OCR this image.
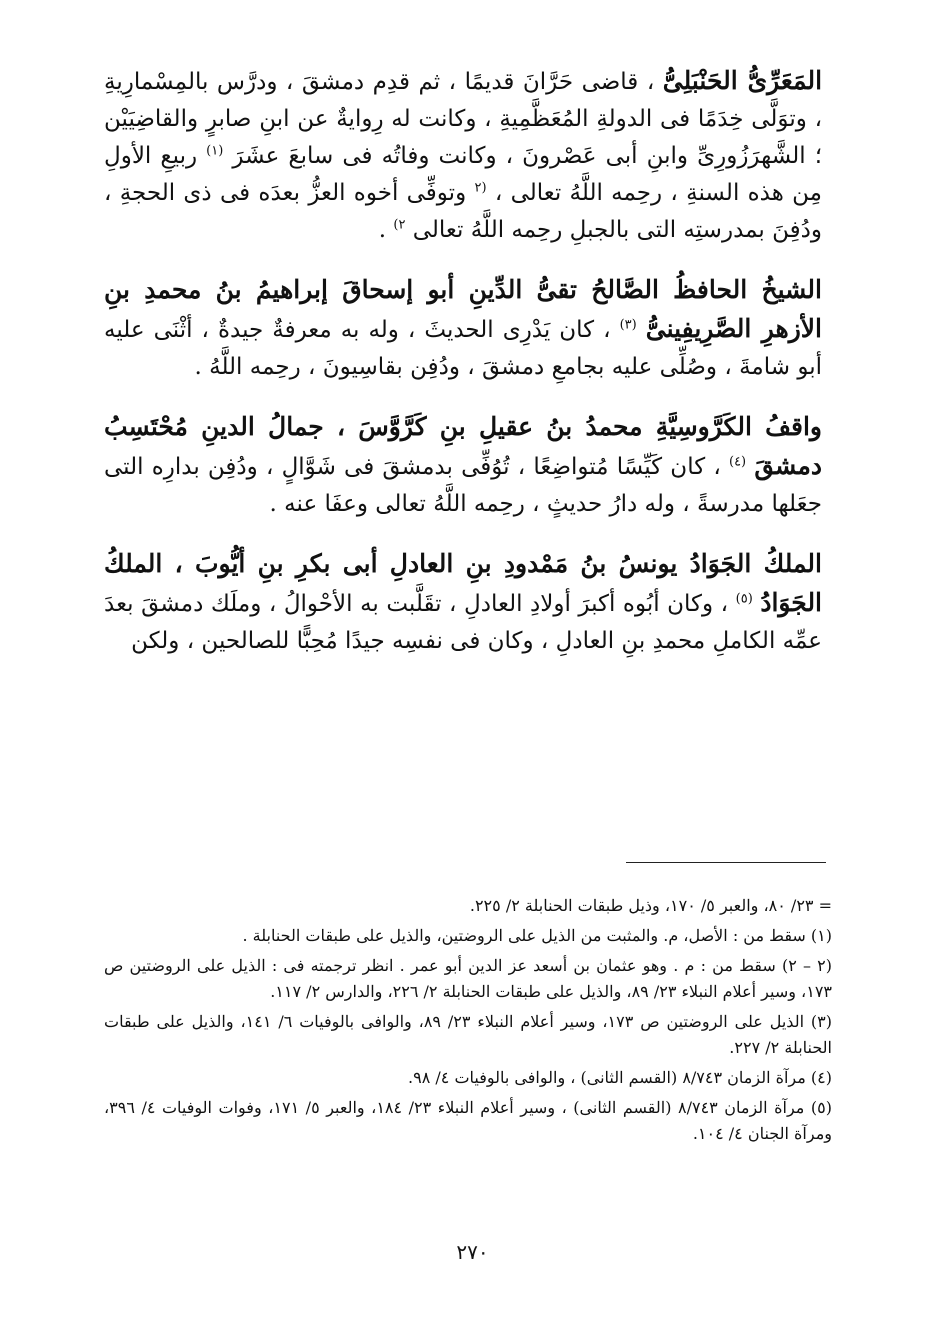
المَعَرِّىُّ الحَنْبَلِىُّ ، قاضى حَرَّانَ قديمًا ، ثم قدِم دمشقَ ، ودرَّس بالمِسْمارِيةِ ، وتوَلَّى خِدَمًا فى الدولةِ المُعَظَّمِيةِ ، وكانت له رِوايةٌ عن ابنِ صابرٍ والقاضِيَيْن ؛ الشَّهرَزُورِىِّ وابنِ أبى عَصْرونَ ، وكانت وفاتُه فى سابعَ عشَرَ $^{(١)}$ ربيعِ الأولِ مِن هذه السنةِ ، رحِمه اللَّهُ تعالى ، $^{(٢}$ وتوفِّى أخوه العزُّ بعدَه فى ذى الحجةِ ، ودُفِنَ بمدرستِه التى بالجبلِ رحِمه اللَّهُ تعالى $^{٢)}$ .

الشيخُ الحافظُ الصَّالحُ تقىُّ الدِّينِ أبو إسحاقَ إبراهيمُ بنُ محمدِ بنِ الأزهرِ الصَّرِيفِينىُّ $^{(٣)}$ ، كان يَدْرِى الحديثَ ، وله به معرفةٌ جيدةٌ ، أثْنَى عليه أبو شامةَ ، وصُلِّى عليه بجامعِ دمشقَ ، ودُفِن بقاسِيونَ ، رحِمه اللَّهُ .

واقفُ الكَرَّوسِيَّةِ محمدُ بنُ عقيلِ بنِ كَرَّوَّسَ ، جمالُ الدينِ مُحْتَسِبُ دمشقَ $^{(٤)}$ ، كان كَيِّسًا مُتواضِعًا ، تُوُفِّى بدمشقَ فى شَوَّالٍ ، ودُفِن بدارِه التى جعَلها مدرسةً ، وله دارُ حديثٍ ، رحِمه اللَّهُ تعالى وعفَا عنه .

الملكُ الجَوَادُ يونسُ بنُ مَمْدودِ بنِ العادلِ أبى بكرِ بنِ أيُّوبَ ، الملكُ الجَوَادُ $^{(٥)}$ ، وكان أبُوه أكبرَ أولادِ العادلِ ، تقَلَّبت به الأحْوالُ ، وملَك دمشقَ بعدَ عمِّه الكاملِ محمدِ بنِ العادلِ ، وكان فى نفسِه جيدًا مُحِبًّا للصالحين ، ولكن

= ٢٣/ ٨٠، والعبر ٥/ ١٧٠، وذيل طبقات الحنابلة ٢/ ٢٢٥.

(١) سقط من : الأصل، م. والمثبت من الذيل على الروضتين، والذيل على طبقات الحنابلة .

(٢ – ٢) سقط من : م . وهو عثمان بن أسعد عز الدين أبو عمر . انظر ترجمته فى : الذيل على الروضتين ص ١٧٣، وسير أعلام النبلاء ٢٣/ ٨٩، والذيل على طبقات الحنابلة ٢/ ٢٢٦، والدارس ٢/ ١١٧.

(٣) الذيل على الروضتين ص ١٧٣، وسير أعلام النبلاء ٢٣/ ٨٩، والوافى بالوفيات ٦/ ١٤١، والذيل على طبقات الحنابلة ٢/ ٢٢٧.

(٤) مرآة الزمان ٨/٧٤٣ (القسم الثانى) ، والوافى بالوفيات ٤/ ٩٨.

(٥) مرآة الزمان ٨/٧٤٣ (القسم الثانى) ، وسير أعلام النبلاء ٢٣/ ١٨٤، والعبر ٥/ ١٧١، وفوات الوفيات ٤/ ٣٩٦، ومرآة الجنان ٤/ ١٠٤.

٢٧٠
